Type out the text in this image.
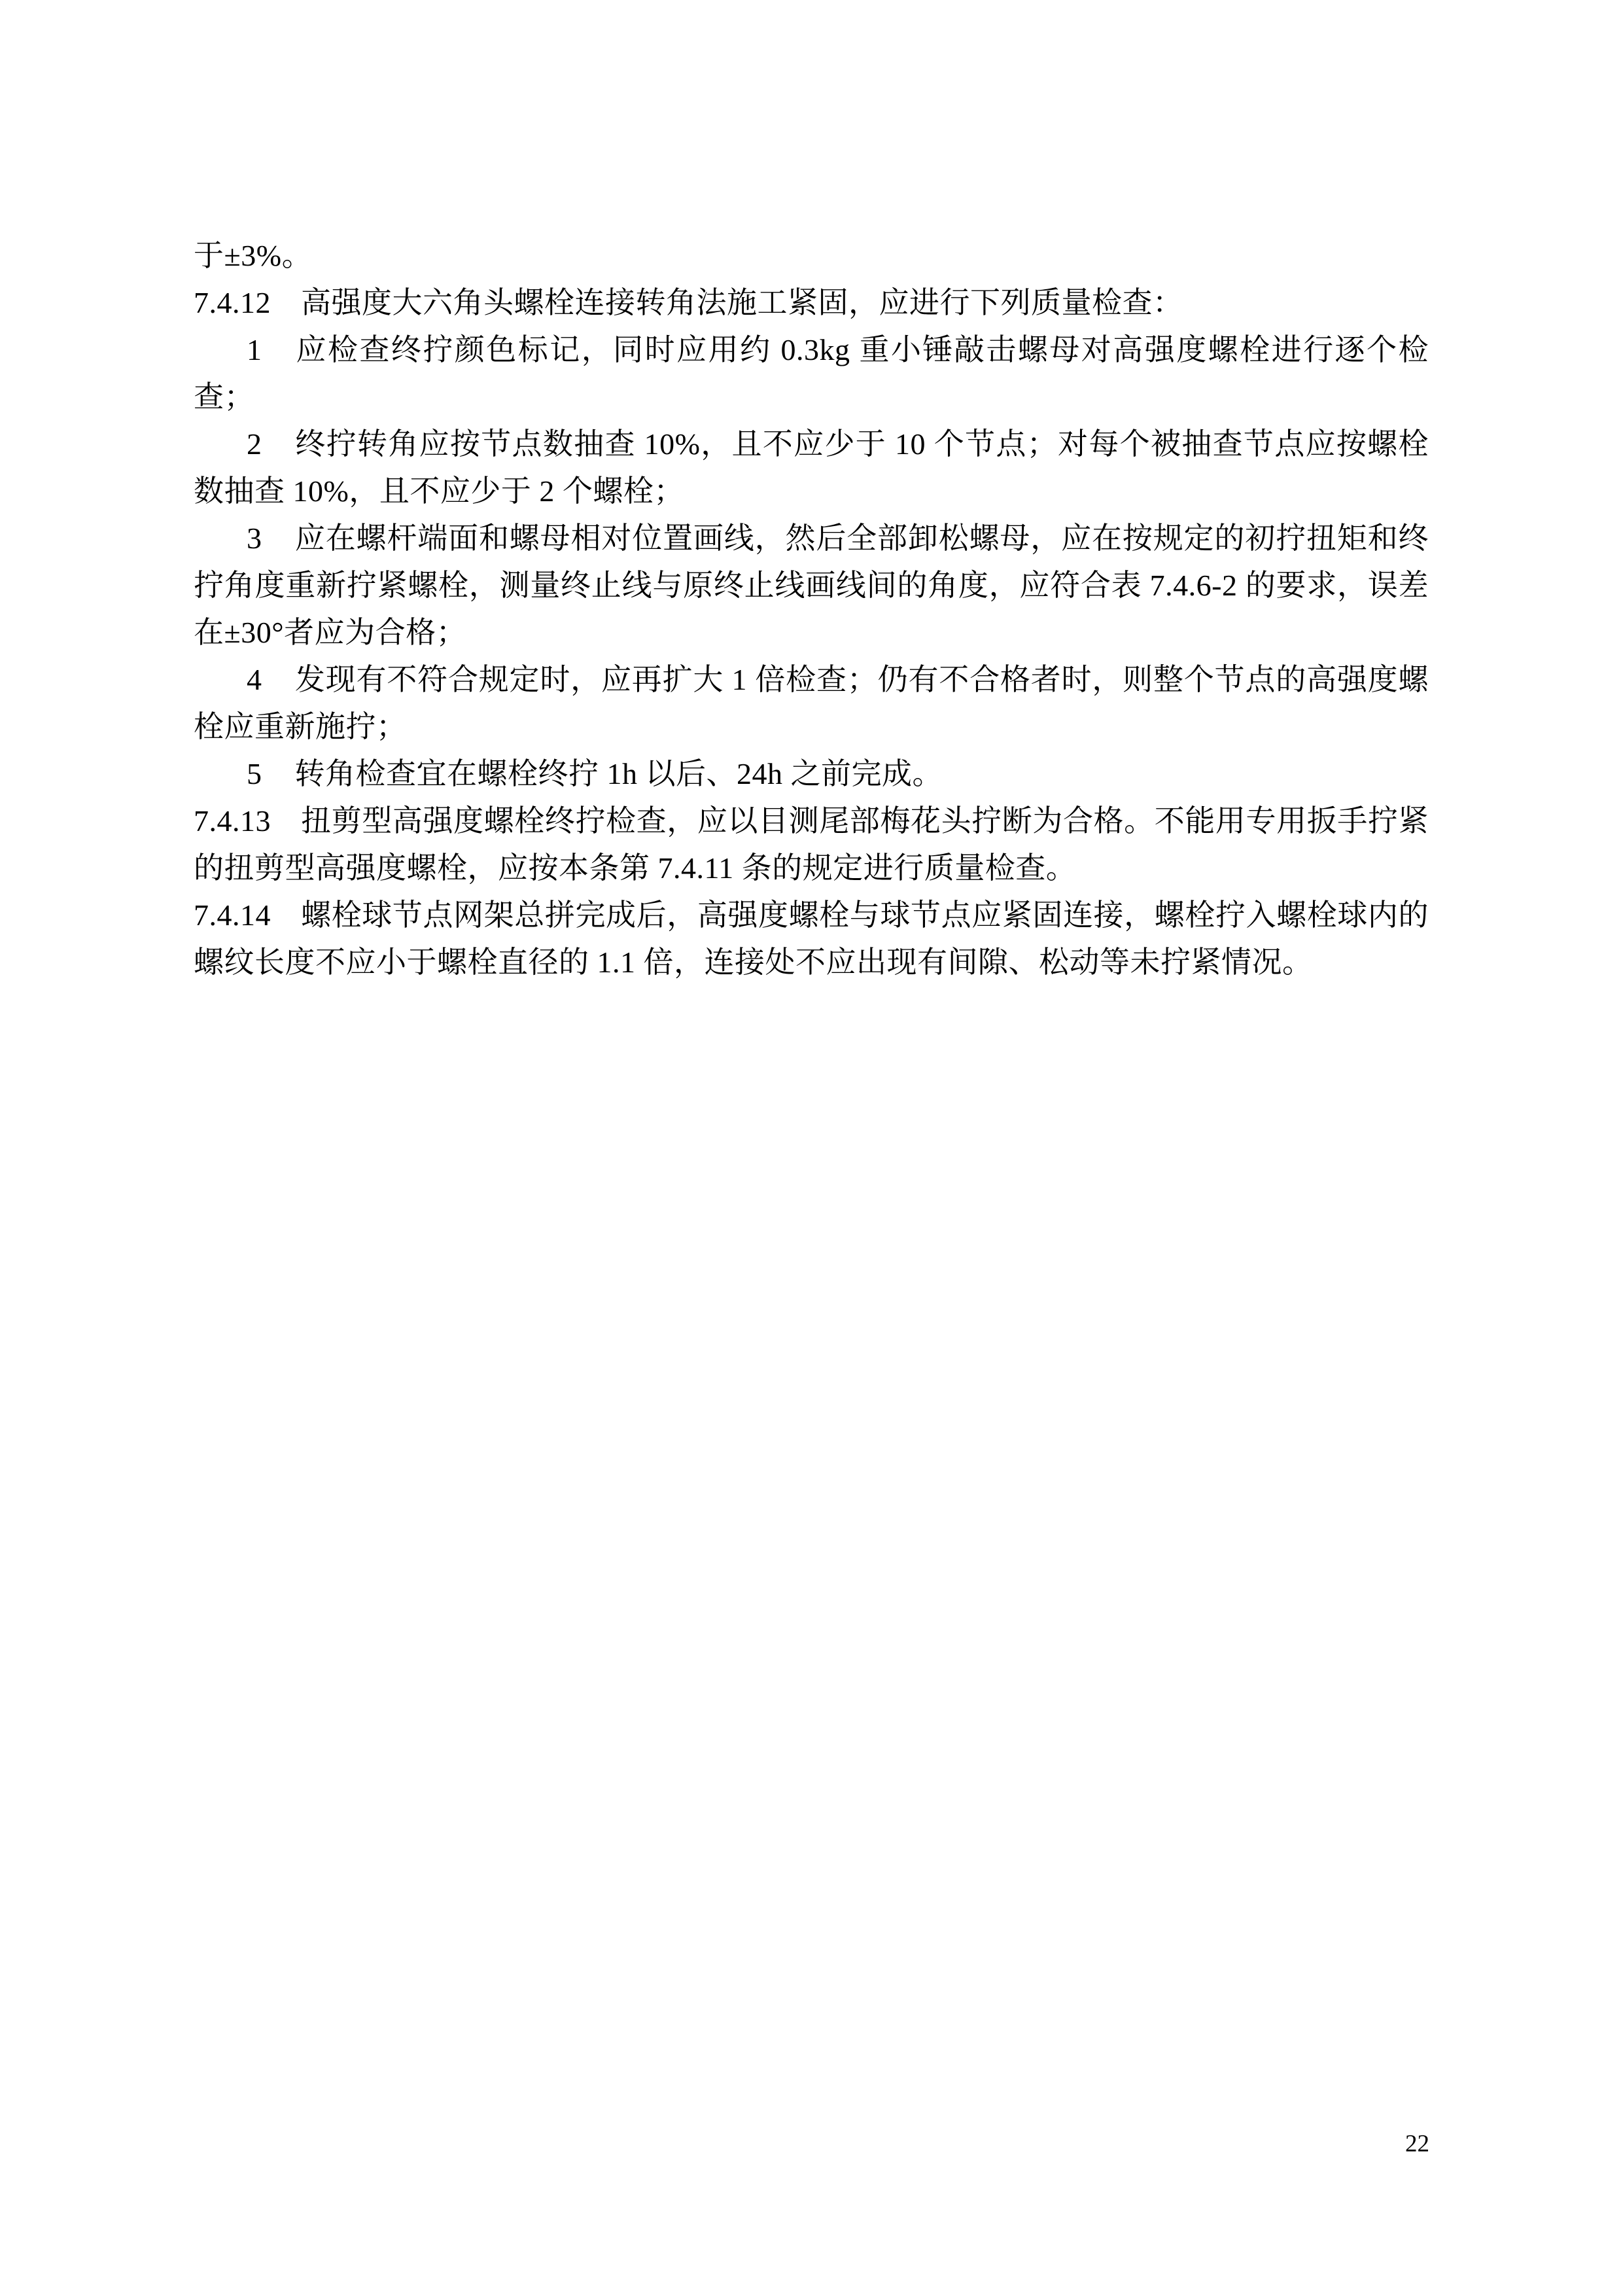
于±3%。

7.4.12 高强度大六角头螺栓连接转角法施工紧固，应进行下列质量检查：

1 应检查终拧颜色标记，同时应用约 0.3kg 重小锤敲击螺母对高强度螺栓进行逐个检查；

2 终拧转角应按节点数抽查 10%，且不应少于 10 个节点；对每个被抽查节点应按螺栓数抽查 10%，且不应少于 2 个螺栓；

3 应在螺杆端面和螺母相对位置画线，然后全部卸松螺母，应在按规定的初拧扭矩和终拧角度重新拧紧螺栓，测量终止线与原终止线画线间的角度，应符合表 7.4.6-2 的要求，误差在±30°者应为合格；

4 发现有不符合规定时，应再扩大 1 倍检查；仍有不合格者时，则整个节点的高强度螺栓应重新施拧；

5 转角检查宜在螺栓终拧 1h 以后、24h 之前完成。

7.4.13 扭剪型高强度螺栓终拧检查，应以目测尾部梅花头拧断为合格。不能用专用扳手拧紧的扭剪型高强度螺栓，应按本条第 7.4.11 条的规定进行质量检查。

7.4.14 螺栓球节点网架总拼完成后，高强度螺栓与球节点应紧固连接，螺栓拧入螺栓球内的螺纹长度不应小于螺栓直径的 1.1 倍，连接处不应出现有间隙、松动等未拧紧情况。

22
